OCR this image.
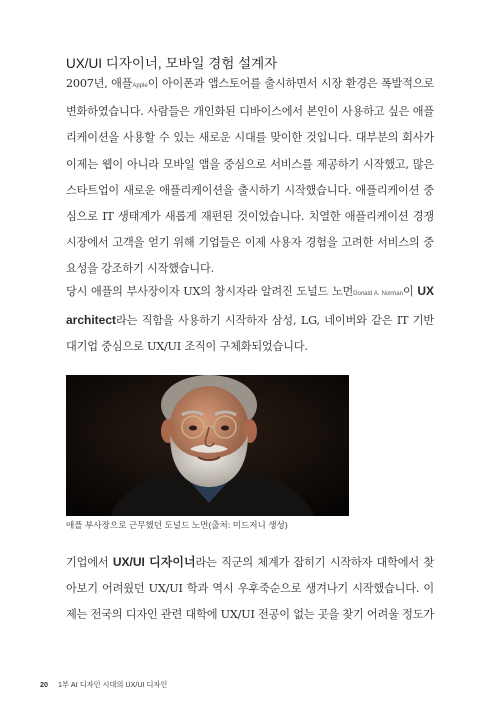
UX/UI 디자이너, 모바일 경험 설계자

2007년, 애플Apple이 아이폰과 앱스토어를 출시하면서 시장 환경은 폭발적으로 변화하였습니다. 사람들은 개인화된 디바이스에서 본인이 사용하고 싶은 애플리케이션을 사용할 수 있는 새로운 시대를 맞이한 것입니다. 대부분의 회사가 이제는 웹이 아니라 모바일 앱을 중심으로 서비스를 제공하기 시작했고, 많은 스타트업이 새로운 애플리케이션을 출시하기 시작했습니다. 애플리케이션 중심으로 IT 생태계가 새롭게 재편된 것이었습니다. 치열한 애플리케이션 경쟁 시장에서 고객을 얻기 위해 기업들은 이제 사용자 경험을 고려한 서비스의 중요성을 강조하기 시작했습니다.

당시 애플의 부사장이자 UX의 창시자라 알려진 도널드 노먼Donald A. Norman이 UX architect라는 직함을 사용하기 시작하자 삼성, LG, 네이버와 같은 IT 기반 대기업 중심으로 UX/UI 조직이 구체화되었습니다.

애플 부사장으로 근무했던 도널드 노먼(출처: 미드저니 생성)

기업에서 UX/UI 디자이너라는 직군의 체계가 잡히기 시작하자 대학에서 찾아보기 어려웠던 UX/UI 학과 역시 우후죽순으로 생겨나기 시작했습니다. 이제는 전국의 디자인 관련 대학에 UX/UI 전공이 없는 곳을 찾기 어려울 정도가

20 1부 AI 디자인 시대의 UX/UI 디자인
